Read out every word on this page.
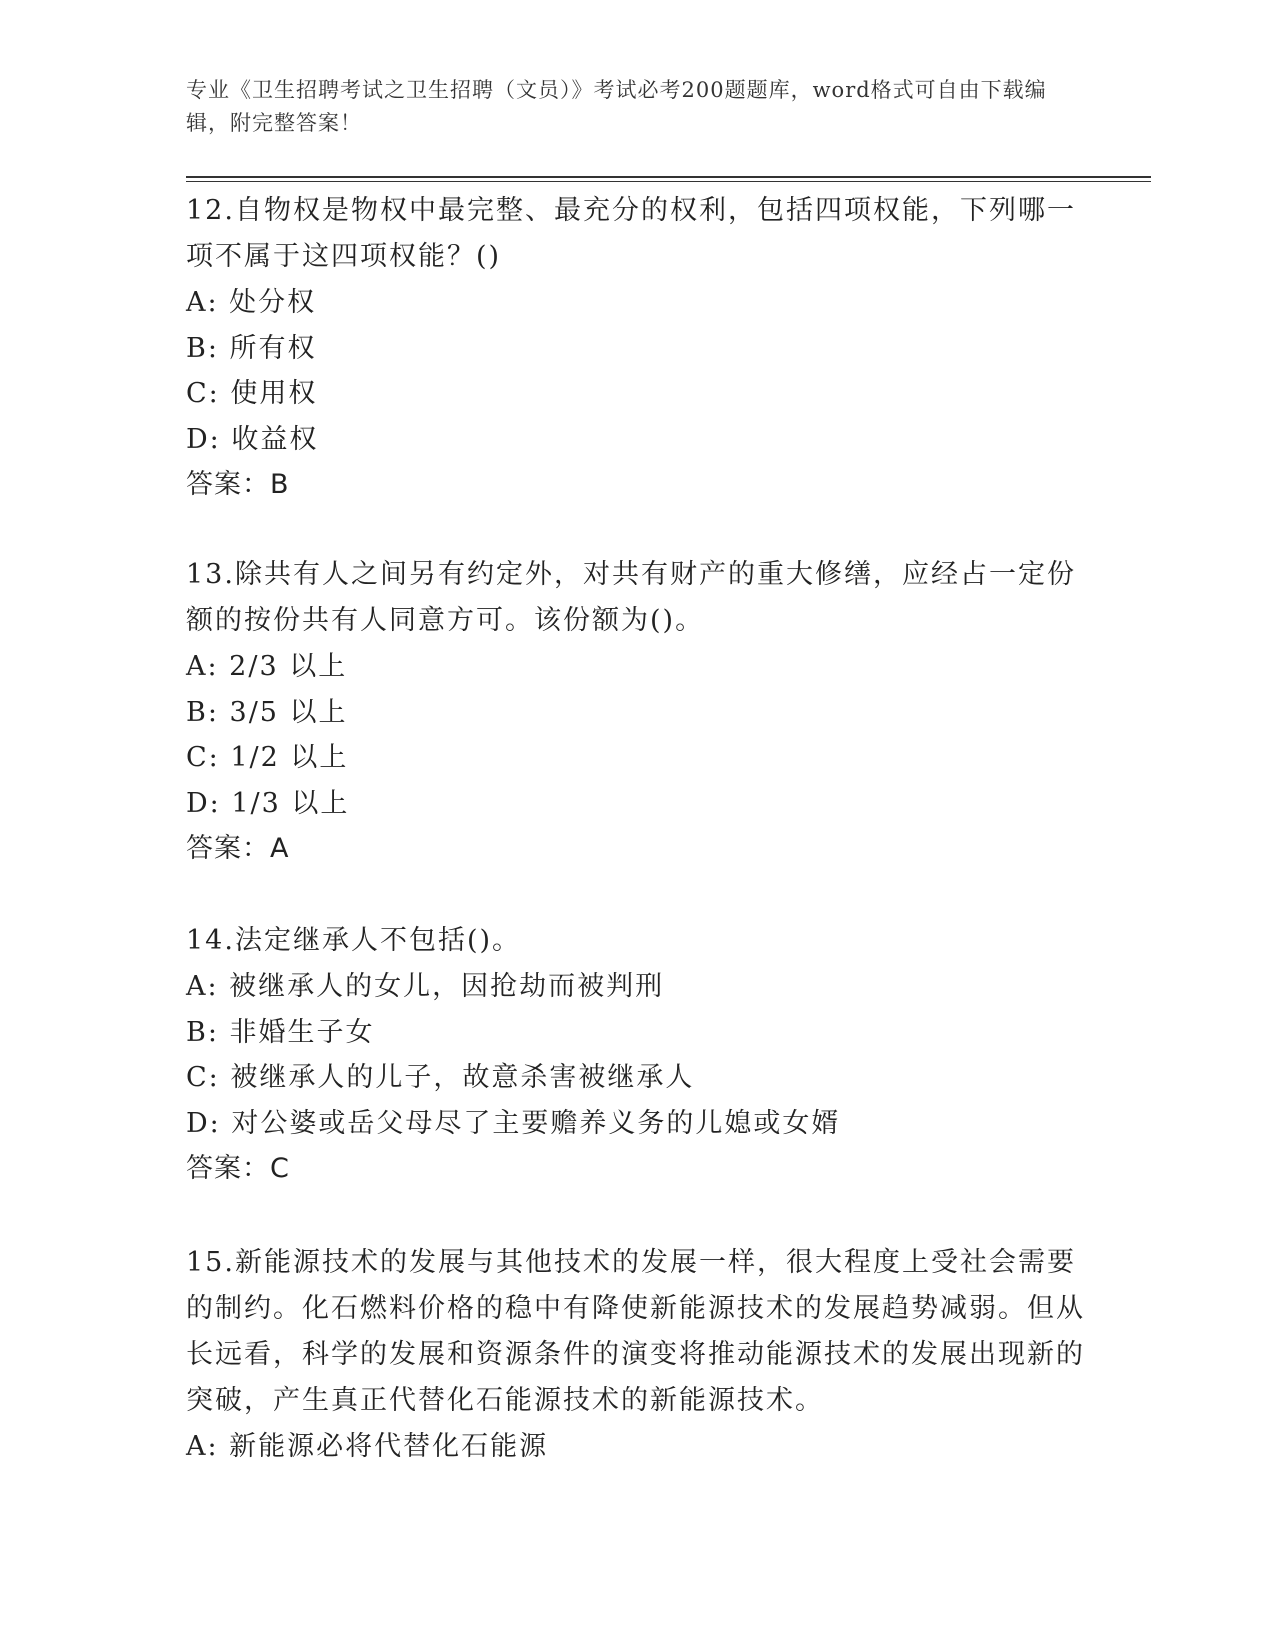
专业《卫生招聘考试之卫生招聘（文员）》考试必考200题题库，word格式可自由下载编辑，附完整答案！

12.自物权是物权中最完整、最充分的权利，包括四项权能，下列哪一项不属于这四项权能？()

A: 处分权

B: 所有权

C: 使用权

D: 收益权

答案：B

13.除共有人之间另有约定外，对共有财产的重大修缮，应经占一定份额的按份共有人同意方可。该份额为()。

A: 2/3 以上

B: 3/5 以上

C: 1/2 以上

D: 1/3 以上

答案：A

14.法定继承人不包括()。

A: 被继承人的女儿，因抢劫而被判刑

B: 非婚生子女

C: 被继承人的儿子，故意杀害被继承人

D: 对公婆或岳父母尽了主要赡养义务的儿媳或女婿

答案：C

15.新能源技术的发展与其他技术的发展一样，很大程度上受社会需要的制约。化石燃料价格的稳中有降使新能源技术的发展趋势减弱。但从长远看，科学的发展和资源条件的演变将推动能源技术的发展出现新的突破，产生真正代替化石能源技术的新能源技术。

A: 新能源必将代替化石能源
